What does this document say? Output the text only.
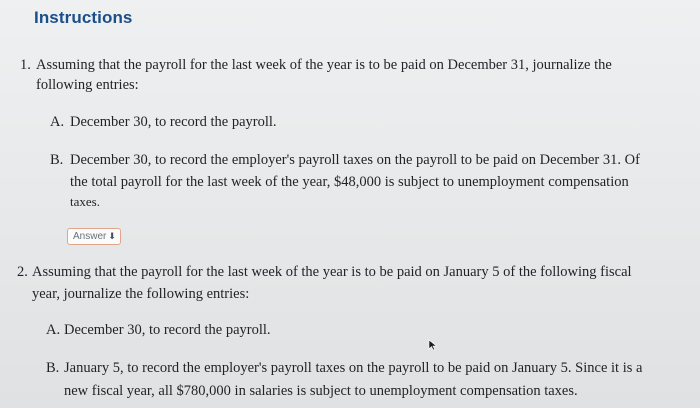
Instructions
1. Assuming that the payroll for the last week of the year is to be paid on December 31, journalize the
following entries:
A. December 30, to record the payroll.
B. December 30, to record the employer's payroll taxes on the payroll to be paid on December 31. Of
the total payroll for the last week of the year, $48,000 is subject to unemployment compensation
taxes.
Answer ⬇
2. Assuming that the payroll for the last week of the year is to be paid on January 5 of the following fiscal
year, journalize the following entries:
A. December 30, to record the payroll.
B. January 5, to record the employer's payroll taxes on the payroll to be paid on January 5. Since it is a
new fiscal year, all $780,000 in salaries is subject to unemployment compensation taxes.
